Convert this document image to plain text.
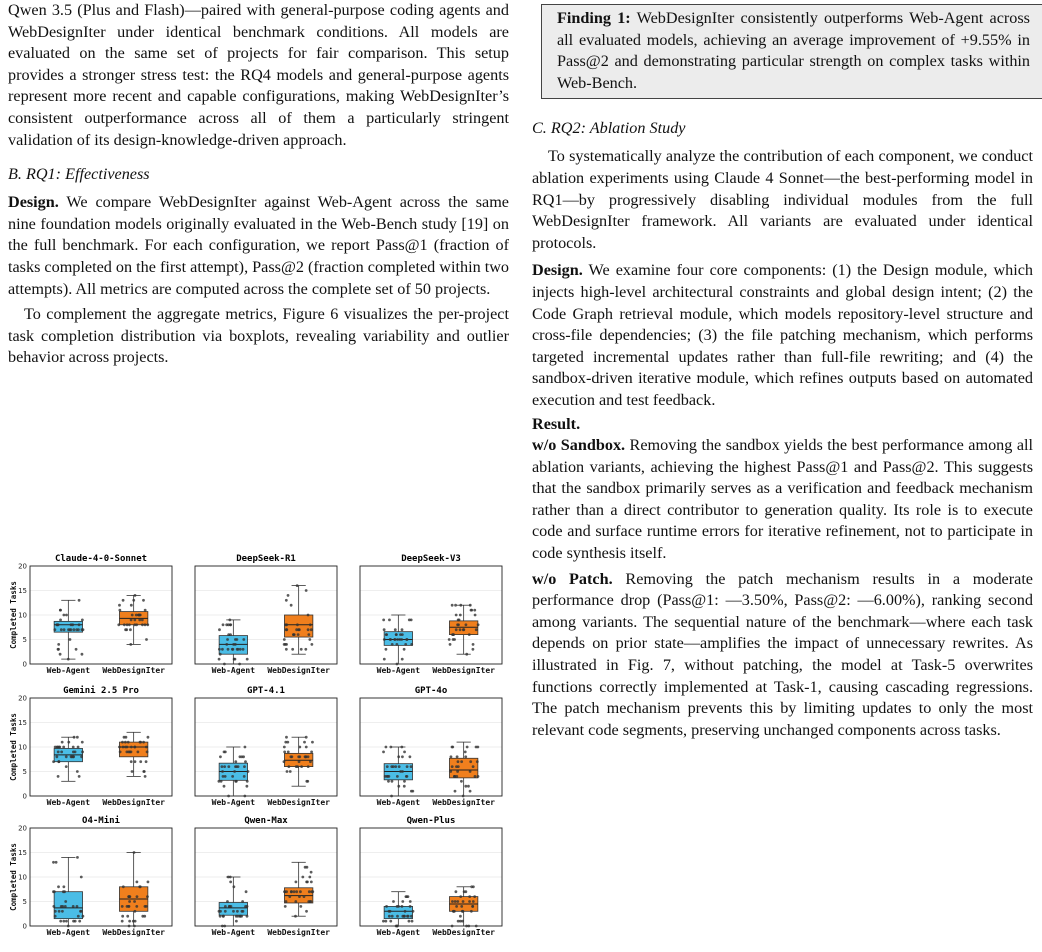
Qwen 3.5 (Plus and Flash)—paired with general-purpose coding agents and WebDesignIter under identical benchmark conditions. All models are evaluated on the same set of projects for fair comparison. This setup provides a stronger stress test: the RQ4 models and general-purpose agents represent more recent and capable configurations, making WebDesignIter’s consistent outperformance across all of them a particularly stringent validation of its design-knowledge-driven approach.

B. RQ1: Effectiveness

Design. We compare WebDesignIter against Web-Agent across the same nine foundation models originally evaluated in the Web-Bench study [19] on the full benchmark. For each configuration, we report Pass@1 (fraction of tasks completed on the first attempt), Pass@2 (fraction completed within two attempts). All metrics are computed across the complete set of 50 projects.

To complement the aggregate metrics, Figure 6 visualizes the per-project task completion distribution via boxplots, revealing variability and outlier behavior across projects.

Finding 1: WebDesignIter consistently outperforms Web-Agent across all evaluated models, achieving an average improvement of +9.55% in Pass@2 and demonstrating particular strength on complex tasks within Web-Bench.

C. RQ2: Ablation Study

To systematically analyze the contribution of each component, we conduct ablation experiments using Claude 4 Sonnet—the best-performing model in RQ1—by progressively disabling individual modules from the full WebDesignIter framework. All variants are evaluated under identical protocols.

Design. We examine four core components: (1) the Design module, which injects high-level architectural constraints and global design intent; (2) the Code Graph retrieval module, which models repository-level structure and cross-file dependencies; (3) the file patching mechanism, which performs targeted incremental updates rather than full-file rewriting; and (4) the sandbox-driven iterative module, which refines outputs based on automated execution and test feedback.

Result.

w/o Sandbox. Removing the sandbox yields the best performance among all ablation variants, achieving the highest Pass@1 and Pass@2. This suggests that the sandbox primarily serves as a verification and feedback mechanism rather than a direct contributor to generation quality. Its role is to execute code and surface runtime errors for iterative refinement, not to participate in code synthesis itself.

w/o Patch. Removing the patch mechanism results in a moderate performance drop (Pass@1: —3.50%, Pass@2: —6.00%), ranking second among variants. The sequential nature of the benchmark—where each task depends on prior state—amplifies the impact of unnecessary rewrites. As illustrated in Fig. 7, without patching, the model at Task-5 overwrites functions correctly implemented at Task-1, causing cascading regressions. The patch mechanism prevents this by limiting updates to only the most relevant code segments, preserving unchanged components across tasks.

Completed Tasks
Completed Tasks
Completed Tasks
Claude-4-0-Sonnet
0
5
10
15
20
Web-Agent WebDesignIter
DeepSeek-R1
Web-Agent WebDesignIter
DeepSeek-V3
Web-Agent WebDesignIter
Gemini 2.5 Pro
0
5
10
15
20
Web-Agent WebDesignIter
GPT-4.1
Web-Agent WebDesignIter
GPT-4o
Web-Agent WebDesignIter
O4-Mini
0
5
10
15
20
Web-Agent WebDesignIter
Qwen-Max
Web-Agent WebDesignIter
Qwen-Plus
Web-Agent WebDesignIter
